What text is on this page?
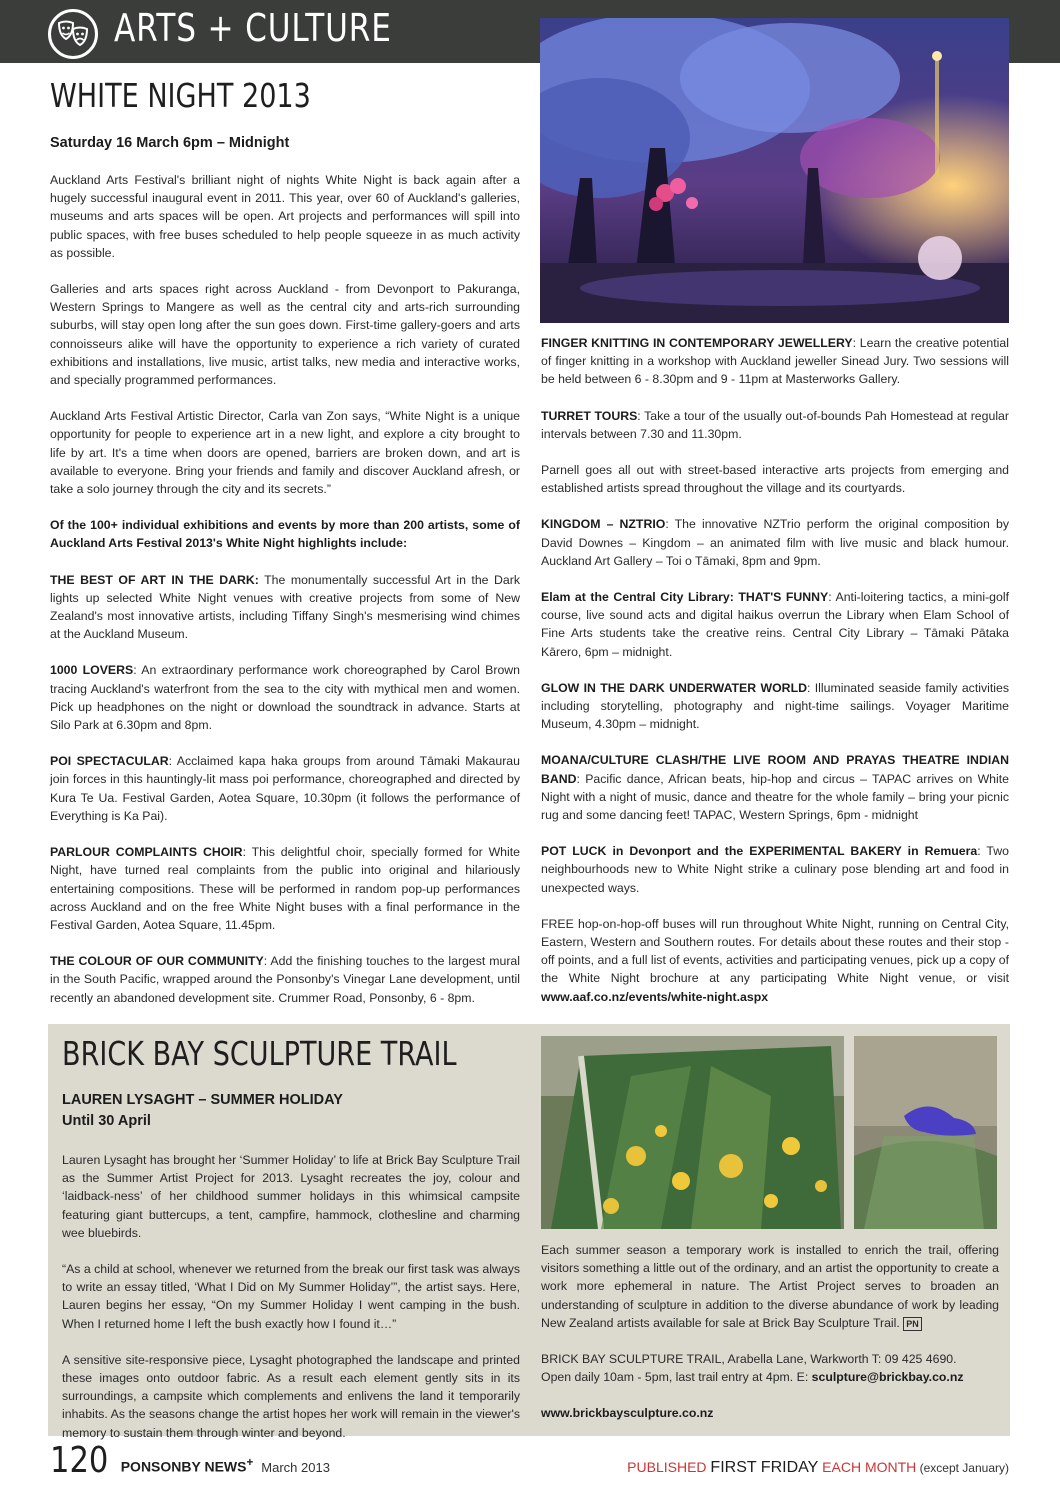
ARTS + CULTURE
WHITE NIGHT 2013
Saturday 16 March 6pm – Midnight

Auckland Arts Festival's brilliant night of nights White Night is back again after a hugely successful inaugural event in 2011. This year, over 60 of Auckland's galleries, museums and arts spaces will be open. Art projects and performances will spill into public spaces, with free buses scheduled to help people squeeze in as much activity as possible.

Galleries and arts spaces right across Auckland - from Devonport to Pakuranga, Western Springs to Mangere as well as the central city and arts-rich surrounding suburbs, will stay open long after the sun goes down. First-time gallery-goers and arts connoisseurs alike will have the opportunity to experience a rich variety of curated exhibitions and installations, live music, artist talks, new media and interactive works, and specially programmed performances.

Auckland Arts Festival Artistic Director, Carla van Zon says, “White Night is a unique opportunity for people to experience art in a new light, and explore a city brought to life by art. It's a time when doors are opened, barriers are broken down, and art is available to everyone. Bring your friends and family and discover Auckland afresh, or take a solo journey through the city and its secrets.”

Of the 100+ individual exhibitions and events by more than 200 artists, some of Auckland Arts Festival 2013's White Night highlights include:

THE BEST OF ART IN THE DARK: The monumentally successful Art in the Dark lights up selected White Night venues with creative projects from some of New Zealand's most innovative artists, including Tiffany Singh's mesmerising wind chimes at the Auckland Museum.

1000 LOVERS: An extraordinary performance work choreographed by Carol Brown tracing Auckland's waterfront from the sea to the city with mythical men and women. Pick up headphones on the night or download the soundtrack in advance. Starts at Silo Park at 6.30pm and 8pm.

POI SPECTACULAR: Acclaimed kapa haka groups from around Tāmaki Makaurau join forces in this hauntingly-lit mass poi performance, choreographed and directed by Kura Te Ua. Festival Garden, Aotea Square, 10.30pm (it follows the performance of Everything is Ka Pai).

PARLOUR COMPLAINTS CHOIR: This delightful choir, specially formed for White Night, have turned real complaints from the public into original and hilariously entertaining compositions. These will be performed in random pop-up performances across Auckland and on the free White Night buses with a final performance in the Festival Garden, Aotea Square, 11.45pm.

THE COLOUR OF OUR COMMUNITY: Add the finishing touches to the largest mural in the South Pacific, wrapped around the Ponsonby's Vinegar Lane development, until recently an abandoned development site. Crummer Road, Ponsonby, 6 - 8pm.

FINGER KNITTING IN CONTEMPORARY JEWELLERY: Learn the creative potential of finger knitting in a workshop with Auckland jeweller Sinead Jury. Two sessions will be held between 6 - 8.30pm and 9 - 11pm at Masterworks Gallery.

TURRET TOURS: Take a tour of the usually out-of-bounds Pah Homestead at regular intervals between 7.30 and 11.30pm.

Parnell goes all out with street-based interactive arts projects from emerging and established artists spread throughout the village and its courtyards.

KINGDOM – NZTRIO: The innovative NZTrio perform the original composition by David Downes – Kingdom – an animated film with live music and black humour. Auckland Art Gallery – Toi o Tāmaki, 8pm and 9pm.

Elam at the Central City Library: THAT'S FUNNY: Anti-loitering tactics, a mini-golf course, live sound acts and digital haikus overrun the Library when Elam School of Fine Arts students take the creative reins. Central City Library – Tāmaki Pātaka Kārero, 6pm – midnight.

GLOW IN THE DARK UNDERWATER WORLD: Illuminated seaside family activities including storytelling, photography and night-time sailings. Voyager Maritime Museum, 4.30pm – midnight.

MOANA/CULTURE CLASH/THE LIVE ROOM AND PRAYAS THEATRE INDIAN BAND: Pacific dance, African beats, hip-hop and circus – TAPAC arrives on White Night with a night of music, dance and theatre for the whole family – bring your picnic rug and some dancing feet! TAPAC, Western Springs, 6pm - midnight

POT LUCK in Devonport and the EXPERIMENTAL BAKERY in Remuera: Two neighbourhoods new to White Night strike a culinary pose blending art and food in unexpected ways.

FREE hop-on-hop-off buses will run throughout White Night, running on Central City, Eastern, Western and Southern routes. For details about these routes and their stop -off points, and a full list of events, activities and participating venues, pick up a copy of the White Night brochure at any participating White Night venue, or visit www.aaf.co.nz/events/white-night.aspx

BRICK BAY SCULPTURE TRAIL
LAUREN LYSAGHT – SUMMER HOLIDAY
Until 30 April

Lauren Lysaght has brought her ‘Summer Holiday’ to life at Brick Bay Sculpture Trail as the Summer Artist Project for 2013. Lysaght recreates the joy, colour and ‘laidback-ness’ of her childhood summer holidays in this whimsical campsite featuring giant buttercups, a tent, campfire, hammock, clothesline and charming wee bluebirds.

“As a child at school, whenever we returned from the break our first task was always to write an essay titled, ‘What I Did on My Summer Holiday’”, the artist says. Here, Lauren begins her essay, “On my Summer Holiday I went camping in the bush. When I returned home I left the bush exactly how I found it…”

A sensitive site-responsive piece, Lysaght photographed the landscape and printed these images onto outdoor fabric. As a result each element gently sits in its surroundings, a campsite which complements and enlivens the land it temporarily inhabits. As the seasons change the artist hopes her work will remain in the viewer's memory to sustain them through winter and beyond.

Each summer season a temporary work is installed to enrich the trail, offering visitors something a little out of the ordinary, and an artist the opportunity to create a work more ephemeral in nature. The Artist Project serves to broaden an understanding of sculpture in addition to the diverse abundance of work by leading New Zealand artists available for sale at Brick Bay Sculpture Trail. PN

BRICK BAY SCULPTURE TRAIL, Arabella Lane, Warkworth T: 09 425 4690.
Open daily 10am - 5pm, last trail entry at 4pm. E: sculpture@brickbay.co.nz

www.brickbaysculpture.co.nz

120 PONSONBY NEWS+ March 2013	PUBLISHED FIRST FRIDAY EACH MONTH (except January)
